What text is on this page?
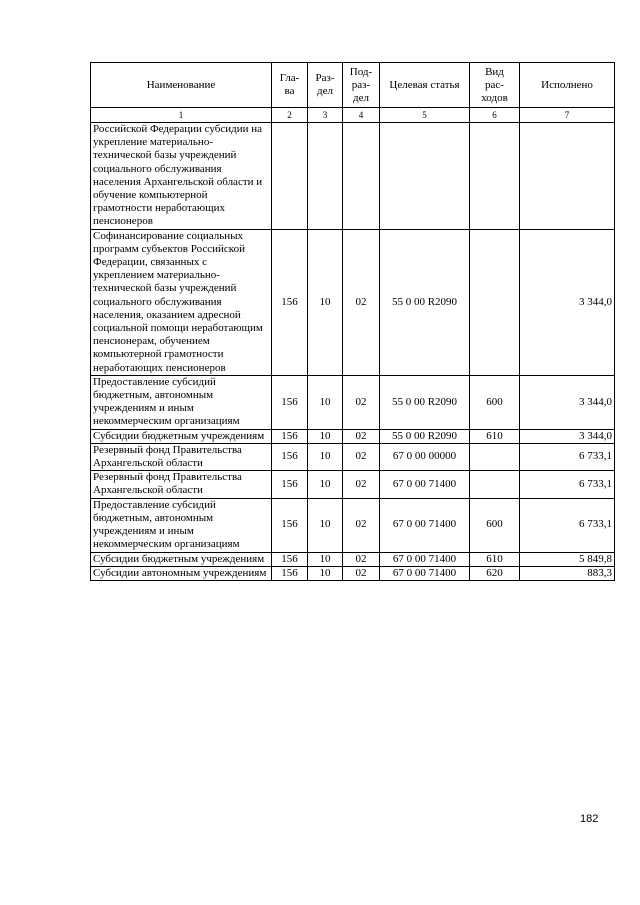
Наименование	Гла-ва	Раз-дел	Под-раз-дел	Целевая статья	Вид рас-ходов	Исполнено
1	2	3	4	5	6	7
Российской Федерации субсидии на укрепление материально-технической базы учреждений социального обслуживания населения Архангельской области и обучение компьютерной грамотности неработающих пенсионеров						
Софинансирование социальных программ субъектов Российской Федерации, связанных с укреплением материально-технической базы учреждений социального обслуживания населения, оказанием адресной социальной помощи неработающим пенсионерам, обучением компьютерной грамотности неработающих пенсионеров	156	10	02	55 0 00 R2090		3 344,0
Предоставление субсидий бюджетным, автономным учреждениям и иным некоммерческим организациям	156	10	02	55 0 00 R2090	600	3 344,0
Субсидии бюджетным учреждениям	156	10	02	55 0 00 R2090	610	3 344,0
Резервный фонд Правительства Архангельской области	156	10	02	67 0 00 00000		6 733,1
Резервный фонд Правительства Архангельской области	156	10	02	67 0 00 71400		6 733,1
Предоставление субсидий бюджетным, автономным учреждениям и иным некоммерческим организациям	156	10	02	67 0 00 71400	600	6 733,1
Субсидии бюджетным учреждениям	156	10	02	67 0 00 71400	610	5 849,8
Субсидии автономным учреждениям	156	10	02	67 0 00 71400	620	883,3
182
